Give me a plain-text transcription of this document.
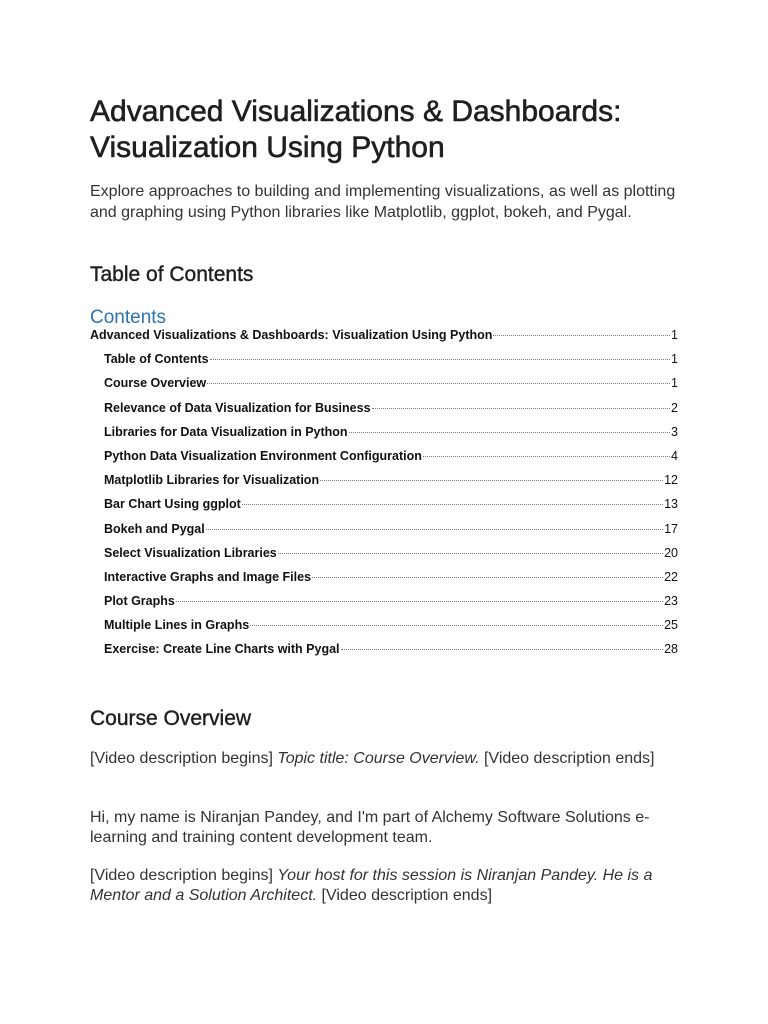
Advanced Visualizations & Dashboards:
Visualization Using Python

Explore approaches to building and implementing visualizations, as well as plotting and graphing using Python libraries like Matplotlib, ggplot, bokeh, and Pygal.

Table of Contents
Contents
Advanced Visualizations & Dashboards: Visualization Using Python	1
Table of Contents	1
Course Overview	1
Relevance of Data Visualization for Business	2
Libraries for Data Visualization in Python	3
Python Data Visualization Environment Configuration	4
Matplotlib Libraries for Visualization	12
Bar Chart Using ggplot	13
Bokeh and Pygal	17
Select Visualization Libraries	20
Interactive Graphs and Image Files	22
Plot Graphs	23
Multiple Lines in Graphs	25
Exercise: Create Line Charts with Pygal	28
Course Overview

[Video description begins] Topic title: Course Overview. [Video description ends]

Hi, my name is Niranjan Pandey, and I'm part of Alchemy Software Solutions e-learning and training content development team.

[Video description begins] Your host for this session is Niranjan Pandey. He is a Mentor and a Solution Architect. [Video description ends]
